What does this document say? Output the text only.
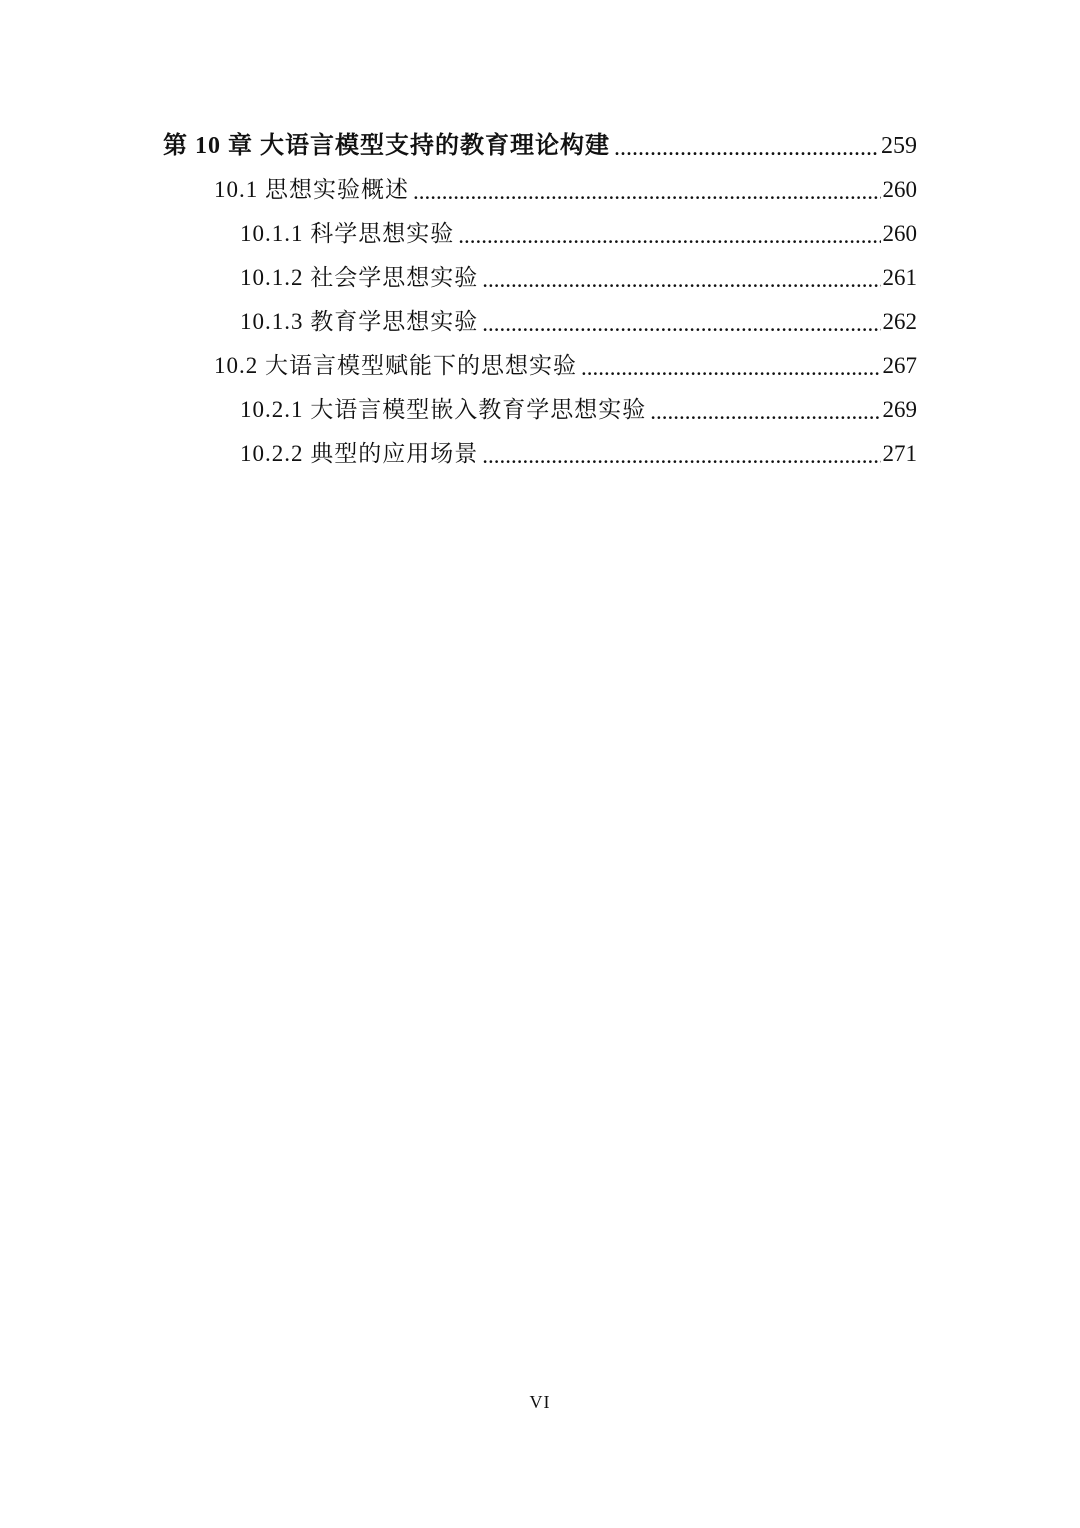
第 10 章 大语言模型支持的教育理论构建 .....	259
10.1 思想实验概述 .....	260
10.1.1 科学思想实验 .....	260
10.1.2 社会学思想实验 .....	261
10.1.3 教育学思想实验 .....	262
10.2 大语言模型赋能下的思想实验 .....	267
10.2.1 大语言模型嵌入教育学思想实验 .....	269
10.2.2 典型的应用场景 .....	271
VI
